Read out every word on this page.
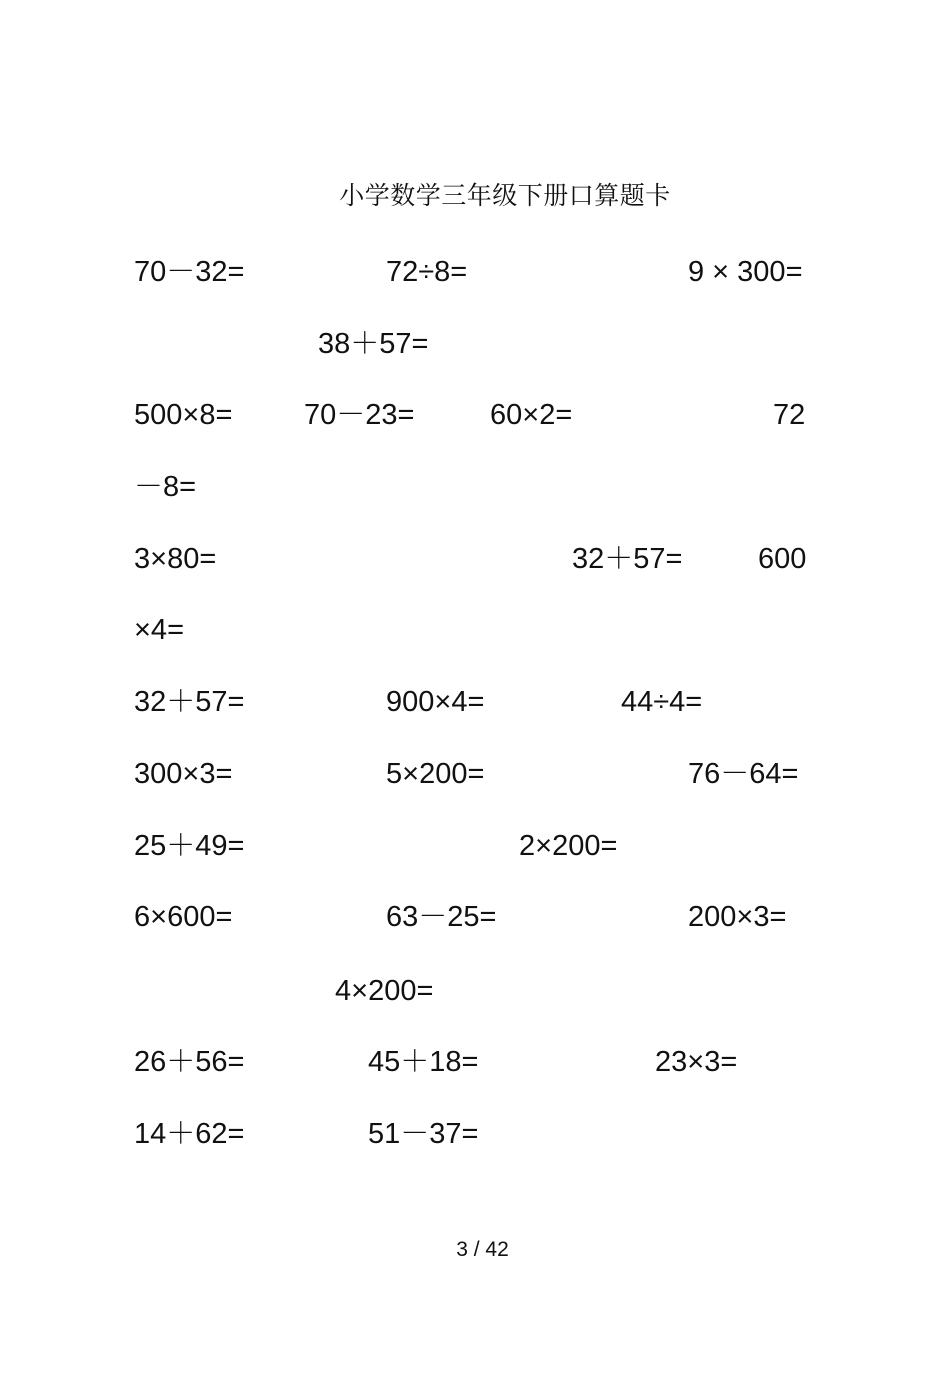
小学数学三年级下册口算题卡
70－32=	72÷8=	9 × 300=
38＋57=
500×8= 70－23=	60×2=	72
－8=
3×80=	32＋57=	600
×4=
32＋57=	900×4=	44÷4=
300×3=	5×200=	76－64=
25＋49=	2×200=
6×600=	63－25=	200×3=
4×200=
26＋56=	45＋18=	23×3=
14＋62=	51－37=
3 / 42
